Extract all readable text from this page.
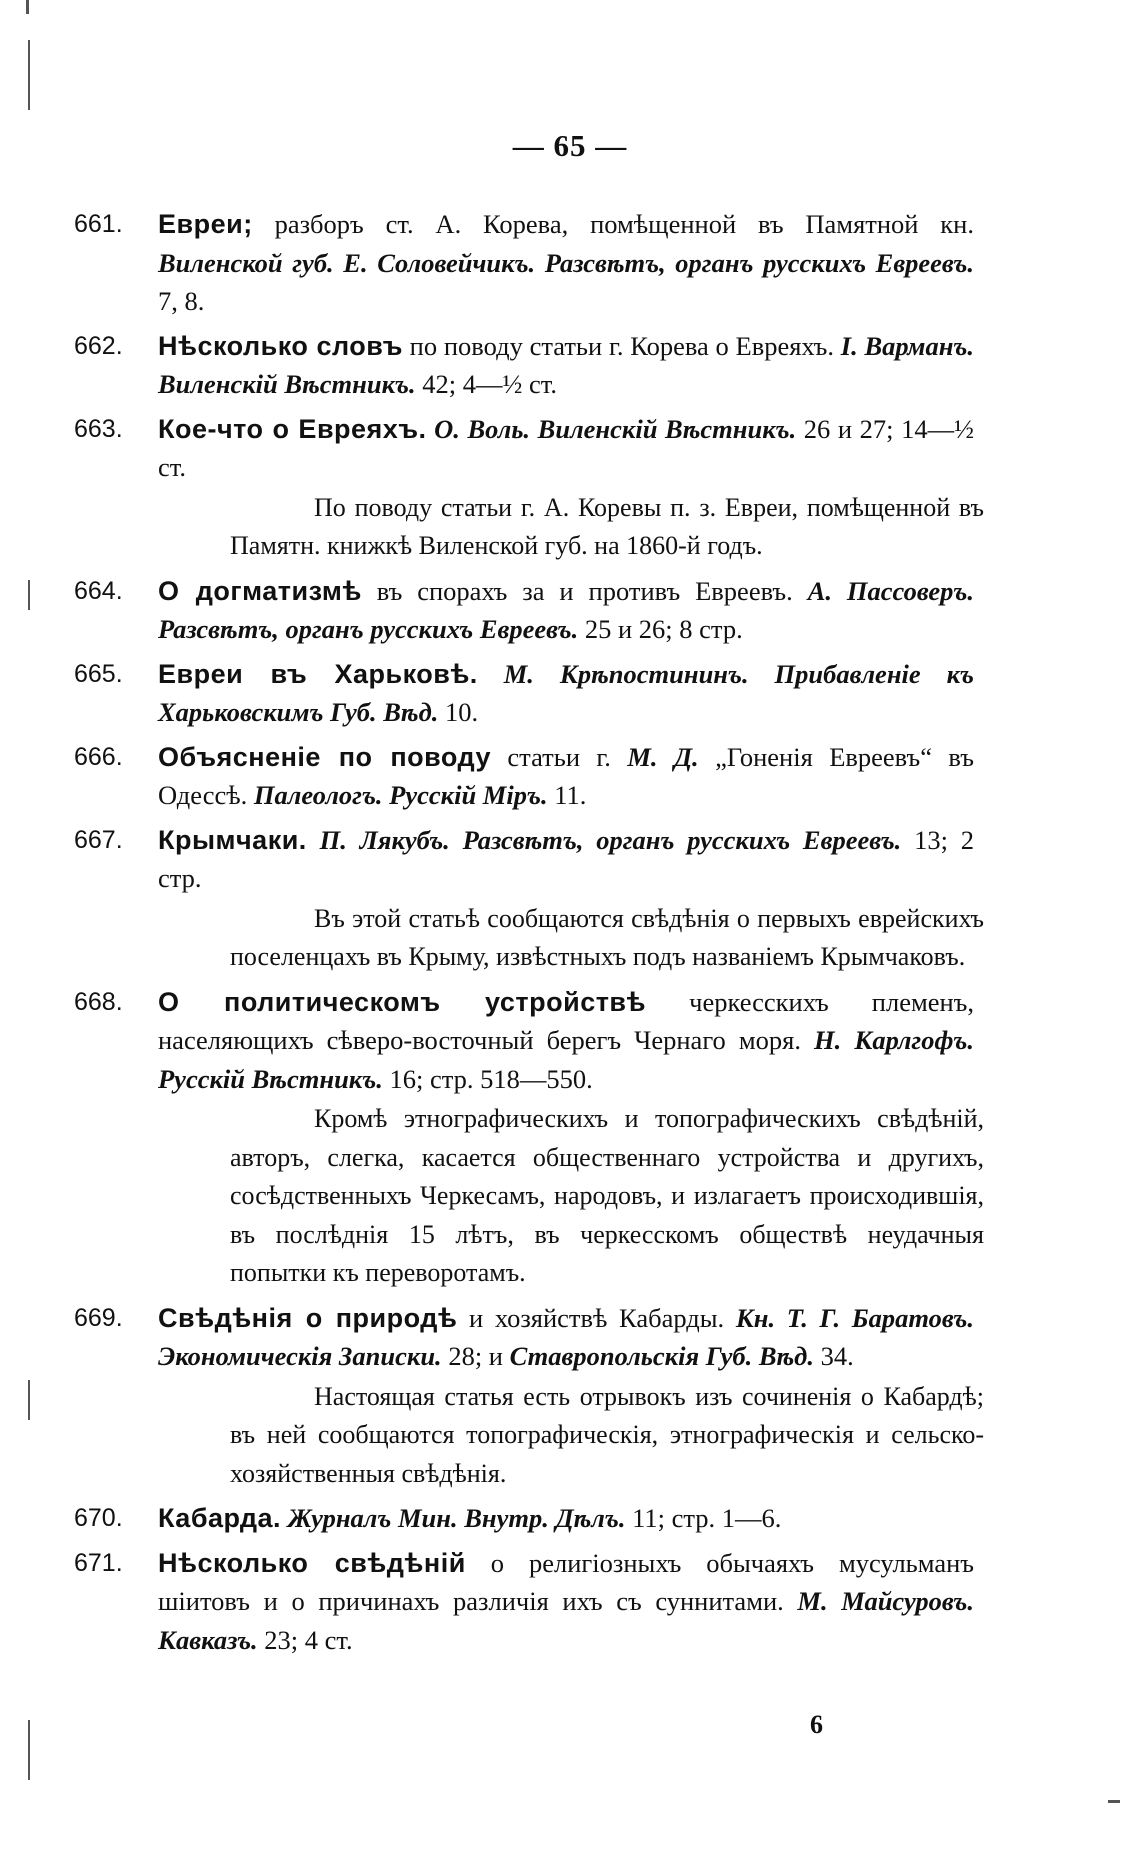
— 65 —
661.	Евреи; разборъ ст. А. Корева, помѣщенной въ Памятной кн. Виленской губ. Е. Соловейчикъ. Разсвѣтъ, органъ русскихъ Евреевъ. 7, 8.
662.	Нѣсколько словъ по поводу статьи г. Корева о Евреяхъ. I. Варманъ. Виленскій Вѣстникъ. 42; 4—½ ст.
663.	Кое-что о Евреяхъ. О. Воль. Виленскій Вѣстникъ. 26 и 27; 14—½ ст.
По поводу статьи г. А. Коревы п. з. Евреи, помѣщенной въ Памятн. книжкѣ Виленской губ. на 1860-й годъ.
664.	О догматизмѣ въ спорахъ за и противъ Евреевъ. А. Пассоверъ. Разсвѣтъ, органъ русскихъ Евреевъ. 25 и 26; 8 стр.
665.	Евреи въ Харьковѣ. М. Крѣпостининъ. Прибавленіе къ Харьковскимъ Губ. Вѣд. 10.
666.	Объясненіе по поводу статьи г. М. Д. „Гоненія Евреевъ“ въ Одессѣ. Палеологъ. Русскій Міръ. 11.
667.	Крымчаки. П. Лякубъ. Разсвѣтъ, органъ русскихъ Евреевъ. 13; 2 стр.
Въ этой статьѣ сообщаются свѣдѣнія о первыхъ еврейскихъ поселенцахъ въ Крыму, извѣстныхъ подъ названіемъ Крымчаковъ.
668.	О политическомъ устройствѣ черкесскихъ племенъ, населяющихъ сѣверо-восточный берегъ Чернаго моря. Н. Карлгофъ. Русскій Вѣстникъ. 16; стр. 518—550.
Кромѣ этнографическихъ и топографическихъ свѣдѣній, авторъ, слегка, касается общественнаго устройства и другихъ, сосѣдственныхъ Черкесамъ, народовъ, и излагаетъ происходившія, въ послѣднія 15 лѣтъ, въ черкесскомъ обществѣ неудачныя попытки къ переворотамъ.
669.	Свѣдѣнія о природѣ и хозяйствѣ Кабарды. Кн. Т. Г. Баратовъ. Экономическія Записки. 28; и Ставропольскія Губ. Вѣд. 34.
Настоящая статья есть отрывокъ изъ сочиненія о Кабардѣ; въ ней сообщаются топографическія, этнографическія и сельско-хозяйственныя свѣдѣнія.
670.	Кабарда. Журналъ Мин. Внутр. Дѣлъ. 11; стр. 1—6.
671.	Нѣсколько свѣдѣній о религіозныхъ обычаяхъ мусульманъ шіитовъ и о причинахъ различія ихъ съ суннитами. М. Майсуровъ. Кавказъ. 23; 4 ст.
6
